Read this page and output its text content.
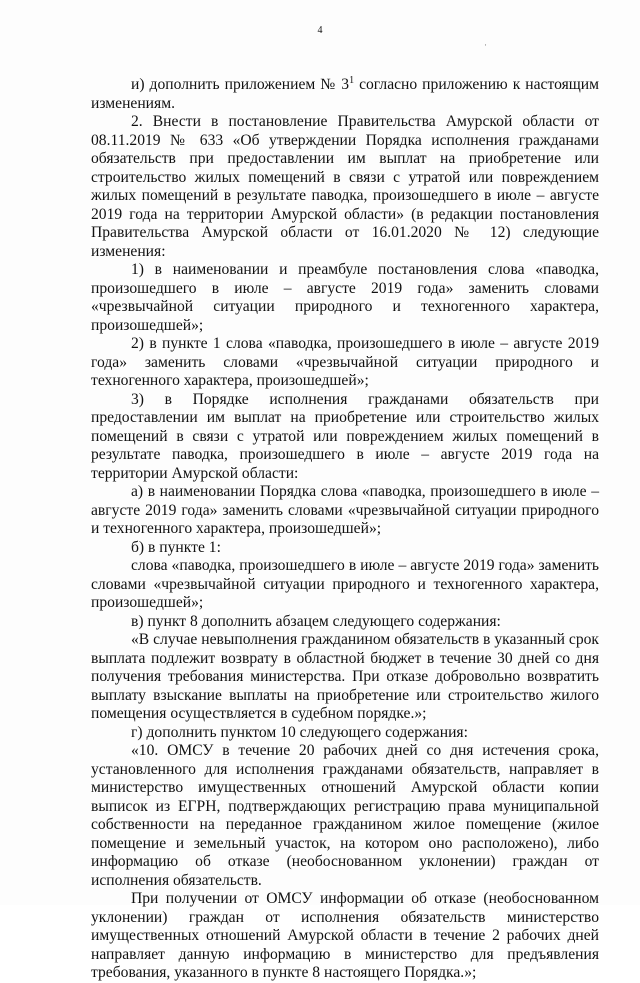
4
·

и) дополнить приложением № $3^1$ согласно приложению к настоящим изменениям.

2. Внести в постановление Правительства Амурской области от 08.11.2019 № 633 «Об утверждении Порядка исполнения гражданами обязательств при предоставлении им выплат на приобретение или строительство жилых помещений в связи с утратой или повреждением жилых помещений в результате паводка, произошедшего в июле – августе 2019 года на территории Амурской области» (в редакции постановления Правительства Амурской области от 16.01.2020 № 12) следующие изменения:

1) в наименовании и преамбуле постановления слова «паводка, произошедшего в июле – августе 2019 года» заменить словами «чрезвычайной ситуации природного и техногенного характера, произошедшей»;

2) в пункте 1 слова «паводка, произошедшего в июле – августе 2019 года» заменить словами «чрезвычайной ситуации природного и техногенного характера, произошедшей»;

3) в Порядке исполнения гражданами обязательств при предоставлении им выплат на приобретение или строительство жилых помещений в связи с утратой или повреждением жилых помещений в результате паводка, произошедшего в июле – августе 2019 года на территории Амурской области:

а) в наименовании Порядка слова «паводка, произошедшего в июле – августе 2019 года» заменить словами «чрезвычайной ситуации природного и техногенного характера, произошедшей»;

б) в пункте 1:

слова «паводка, произошедшего в июле – августе 2019 года» заменить словами «чрезвычайной ситуации природного и техногенного характера, произошедшей»;

в) пункт 8 дополнить абзацем следующего содержания:

«В случае невыполнения гражданином обязательств в указанный срок выплата подлежит возврату в областной бюджет в течение 30 дней со дня получения требования министерства. При отказе добровольно возвратить выплату взыскание выплаты на приобретение или строительство жилого помещения осуществляется в судебном порядке.»;

г) дополнить пунктом 10 следующего содержания:

«10. ОМСУ в течение 20 рабочих дней со дня истечения срока, установленного для исполнения гражданами обязательств, направляет в министерство имущественных отношений Амурской области копии выписок из ЕГРН, подтверждающих регистрацию права муниципальной собственности на переданное гражданином жилое помещение (жилое помещение и земельный участок, на котором оно расположено), либо информацию об отказе (необоснованном уклонении) граждан от исполнения обязательств.

При получении от ОМСУ информации об отказе (необоснованном уклонении) граждан от исполнения обязательств министерство имущественных отношений Амурской области в течение 2 рабочих дней направляет данную информацию в министерство для предъявления требования, указанного в пункте 8 настоящего Порядка.»;
